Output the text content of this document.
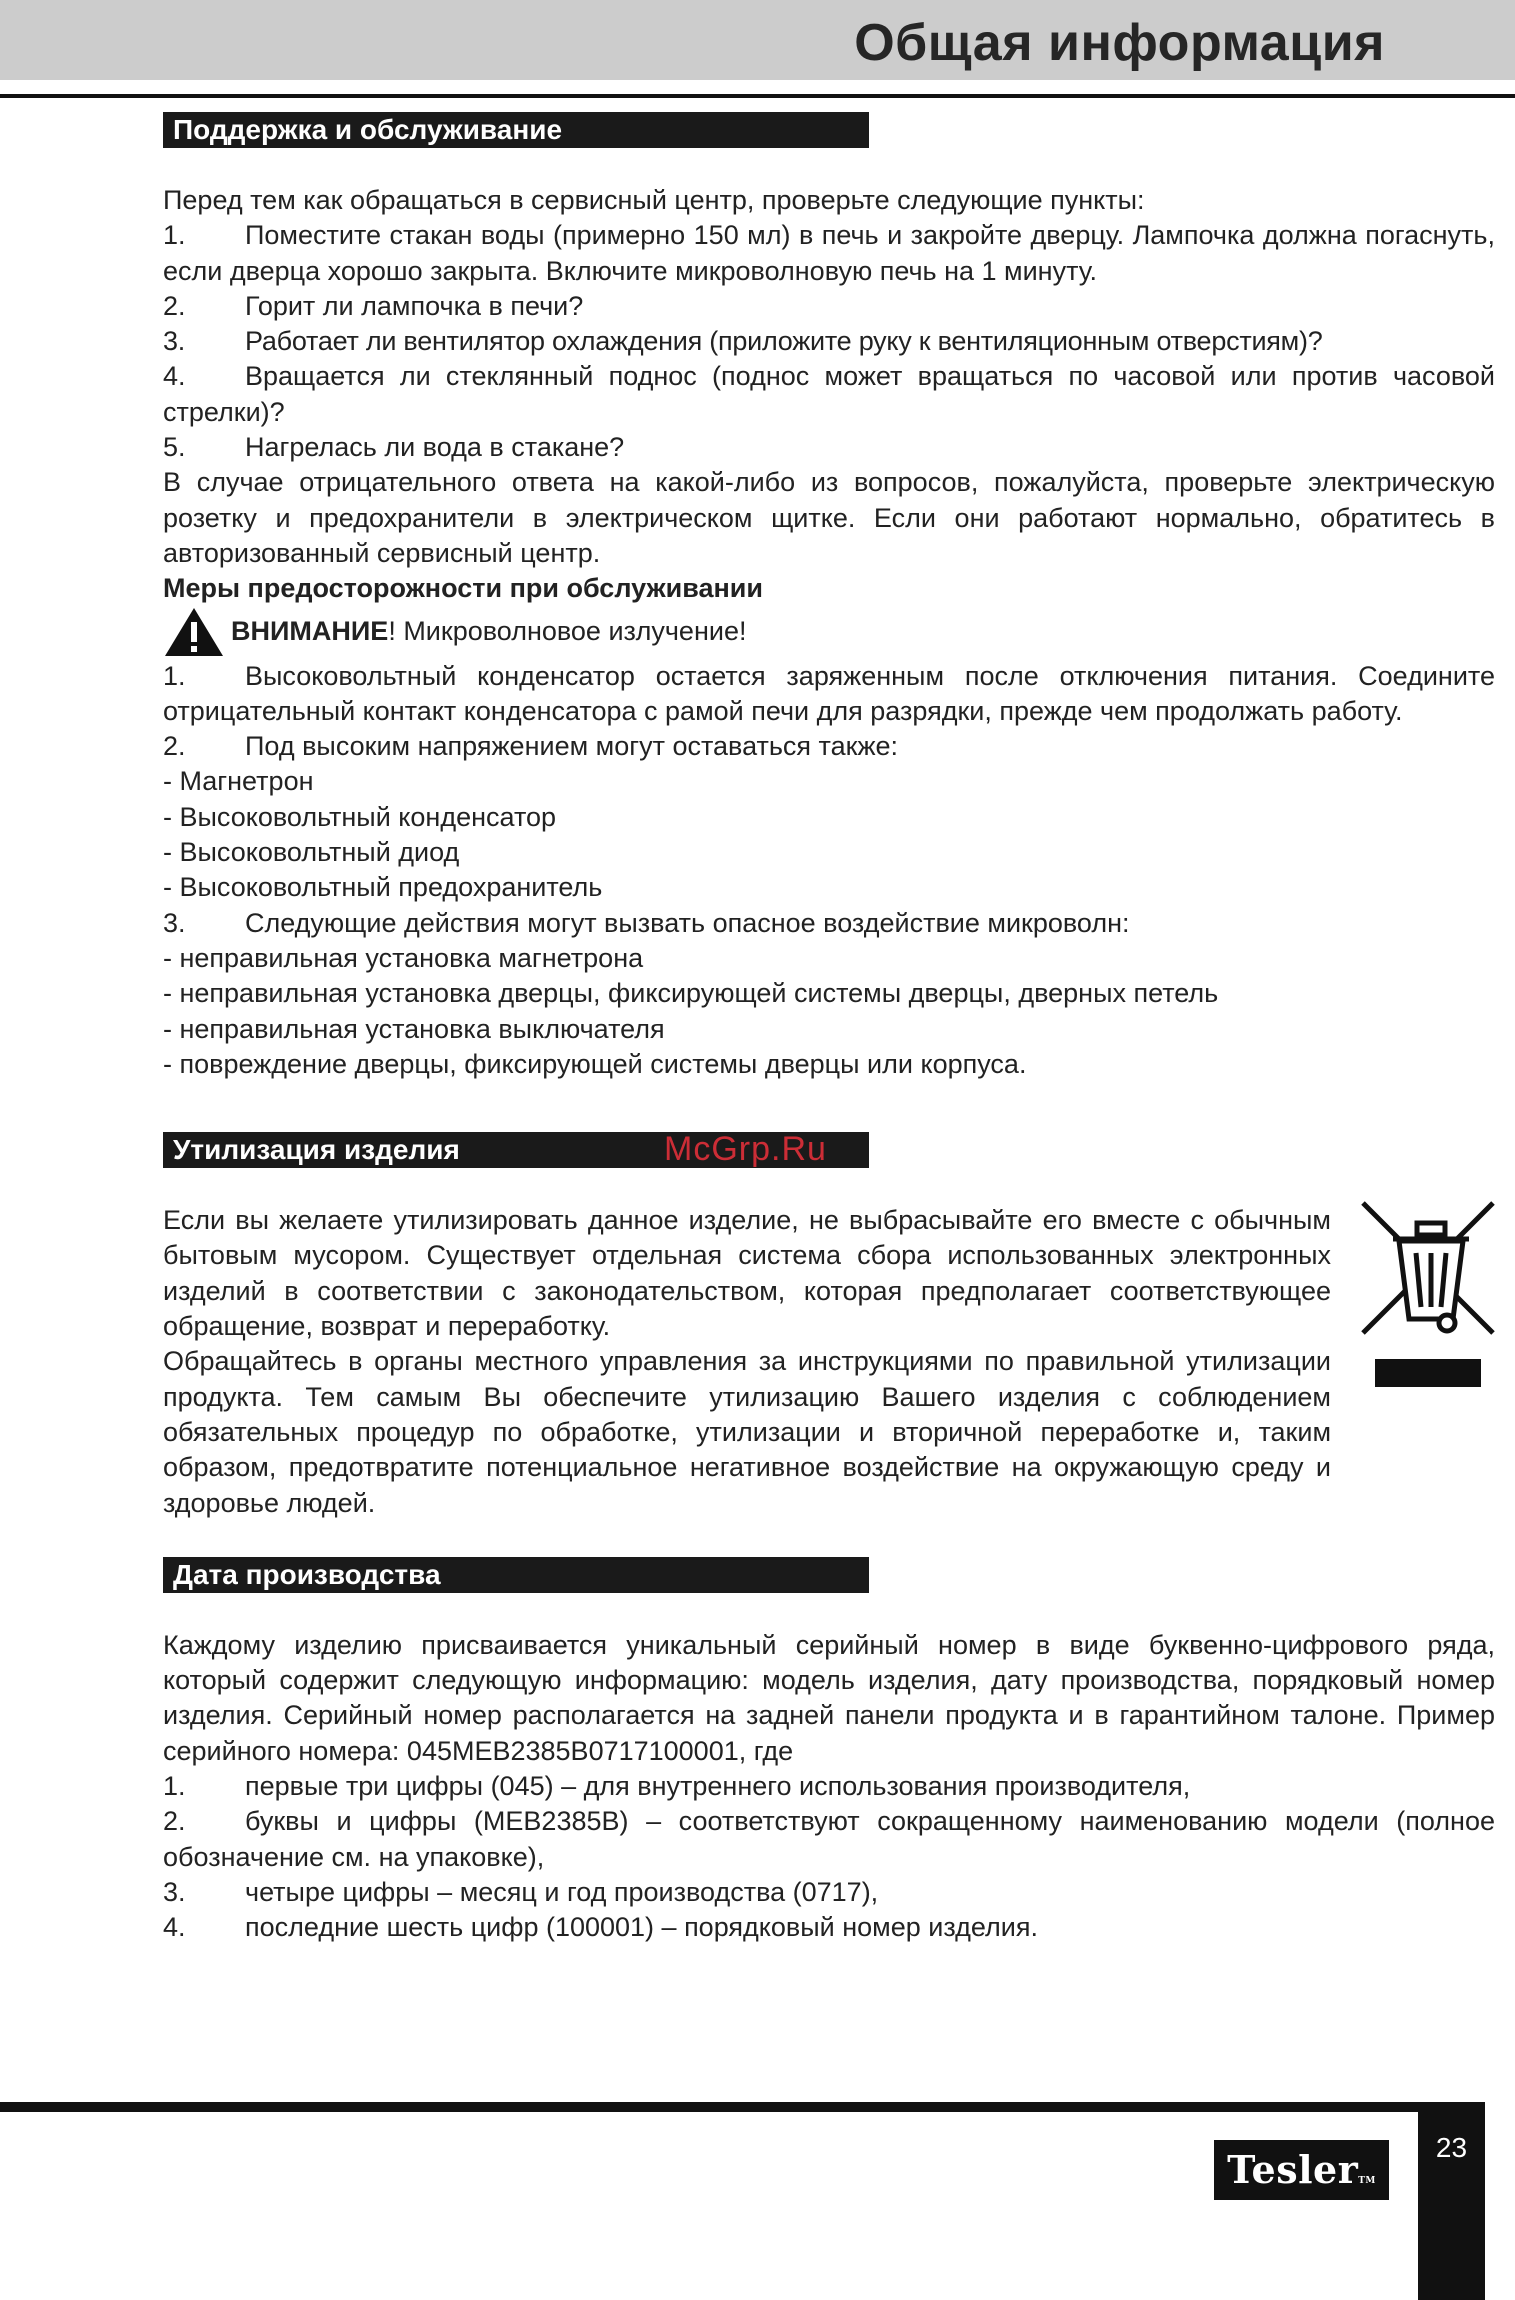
Общая информация
Поддержка и обслуживание

Перед тем как обращаться в сервисный центр, проверьте следующие пункты:

1. Поместите стакан воды (примерно 150 мл) в печь и закройте дверцу. Лампочка должна погаснуть, если дверца хорошо закрыта. Включите микроволновую печь на 1 минуту.

2. Горит ли лампочка в печи?

3. Работает ли вентилятор охлаждения (приложите руку к вентиляционным отверстиям)?

4. Вращается ли стеклянный поднос (поднос может вращаться по часовой или против часовой стрелки)?

5. Нагрелась ли вода в стакане?

В случае отрицательного ответа на какой-либо из вопросов, пожалуйста, проверьте электрическую розетку и предохранители в электрическом щитке. Если они работают нормально, обратитесь в авторизованный сервисный центр.

Меры предосторожности при обслуживании

ВНИМАНИЕ! Микроволновое излучение!

1. Высоковольтный конденсатор остается заряженным после отключения питания. Соедините отрицательный контакт конденсатора с рамой печи для разрядки, прежде чем продолжать работу.

2. Под высоким напряжением могут оставаться также:

- Магнетрон

- Высоковольтный конденсатор

- Высоковольтный диод

- Высоковольтный предохранитель

3. Следующие действия могут вызвать опасное воздействие микроволн:

- неправильная установка магнетрона

- неправильная установка дверцы, фиксирующей системы дверцы, дверных петель

- неправильная установка выключателя

- повреждение дверцы, фиксирующей системы дверцы или корпуса.

Утилизация изделия

Если вы желаете утилизировать данное изделие, не выбрасывайте его вместе с обычным бытовым мусором. Существует отдельная система сбора использованных электронных изделий в соответствии с законодательством, которая предполагает соответствующее обращение, возврат и переработку.

Обращайтесь в органы местного управления за инструкциями по правильной утилизации продукта. Тем самым Вы обеспечите утилизацию Вашего изделия с соблюдением обязательных процедур по обработке, утилизации и вторичной переработке и, таким образом, предотвратите потенциальное негативное воздействие на окружающую среду и здоровье людей.

Дата производства

Каждому изделию присваивается уникальный серийный номер в виде буквенно-цифрового ряда, который содержит следующую информацию: модель изделия, дату производства, порядковый номер изделия. Серийный номер располагается на задней панели продукта и в гарантийном талоне. Пример серийного номера: 045MEB2385B0717100001, где

1. первые три цифры (045) – для внутреннего использования производителя,

2. буквы и цифры (MEB2385B) – соответствуют сокращенному наименованию модели (полное обозначение см. на упаковке),

3. четыре цифры – месяц и год производства (0717),

4. последние шесть цифр (100001) – порядковый номер изделия.

McGrp.Ru
23
TeslerTM
